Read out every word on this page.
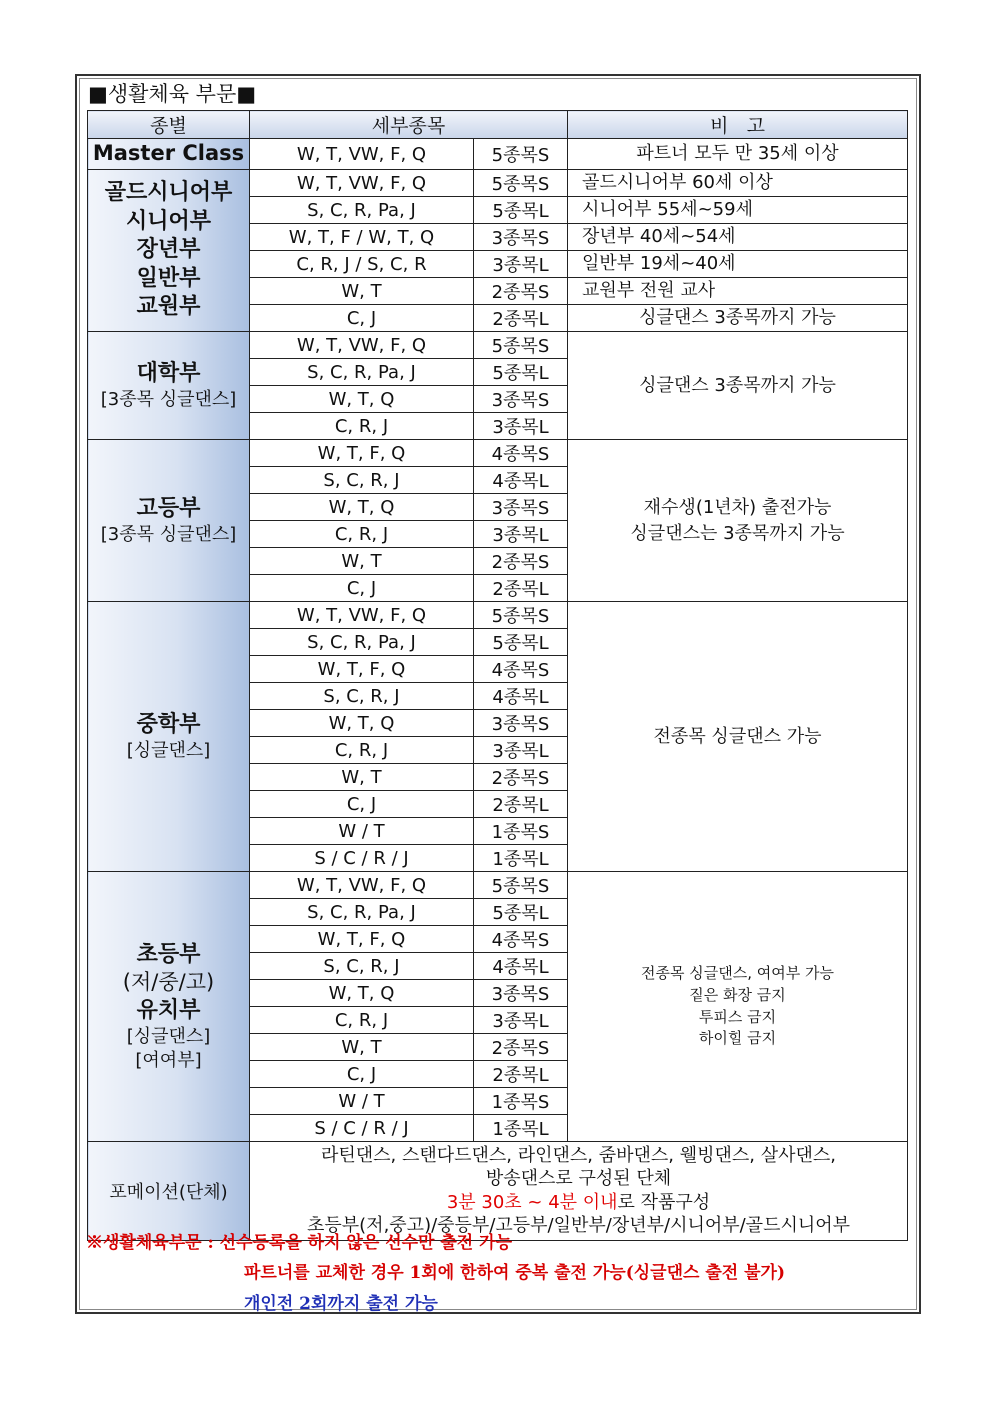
■생활체육 부문■
종별	세부종목		비   고
Master Class	W, T, VW, F, Q	5종목S	파트너 모두 만 35세 이상

골드시니어부
시니어부
장년부
일반부
교원부	W, T, VW, F, Q	5종목S	골드시니어부 60세 이상
	S, C, R, Pa, J	5종목L	시니어부 55세~59세
	W, T, F / W, T, Q	3종목S	장년부 40세~54세
	C, R, J / S, C, R	3종목L	일반부 19세~40세
	W, T	2종목S	교원부 전원 교사
	C, J	2종목L	싱글댄스 3종목까지 가능

대학부
[3종목 싱글댄스]	W, T, VW, F, Q	5종목S	싱글댄스 3종목까지 가능
	S, C, R, Pa, J	5종목L	
	W, T, Q	3종목S	
	C, R, J	3종목L	

고등부
[3종목 싱글댄스]	W, T, F, Q	4종목S	재수생(1년차) 출전가능
싱글댄스는 3종목까지 가능

	S, C, R, J	4종목L	
	W, T, Q	3종목S	
	C, R, J	3종목L	
	W, T	2종목S	
	C, J	2종목L	

중학부
[싱글댄스]	W, T, VW, F, Q	5종목S	전종목 싱글댄스 가능
	S, C, R, Pa, J	5종목L	
	W, T, F, Q	4종목S	
	S, C, R, J	4종목L	
	W, T, Q	3종목S	
	C, R, J	3종목L	
	W, T	2종목S	
	C, J	2종목L	
	W / T	1종목S	
	S / C / R / J	1종목L	

초등부
(저/중/고)
유치부
[싱글댄스]
[여여부]	W, T, VW, F, Q	5종목S	전종목 싱글댄스, 여여부 가능
짙은 화장 금지
투피스 금지
하이힐 금지

	S, C, R, Pa, J	5종목L	
	W, T, F, Q	4종목S	
	S, C, R, J	4종목L	
	W, T, Q	3종목S	
	C, R, J	3종목L	
	W, T	2종목S	
	C, J	2종목L	
	W / T	1종목S	
	S / C / R / J	1종목L	
포메이션(단체)	라틴댄스, 스탠다드댄스, 라인댄스, 줌바댄스, 웰빙댄스, 살사댄스,
방송댄스로 구성된 단체
3분 30초 ~ 4분 이내로 작품구성
초등부(저,중고)/중등부/고등부/일반부/장년부/시니어부/골드시니어부		
※생활체육부문 : 선수등록을 하지 않은 선수만 출전 가능
파트너를 교체한 경우 1회에 한하여 중복 출전 가능(싱글댄스 출전 불가)
개인전 2회까지 출전 가능
